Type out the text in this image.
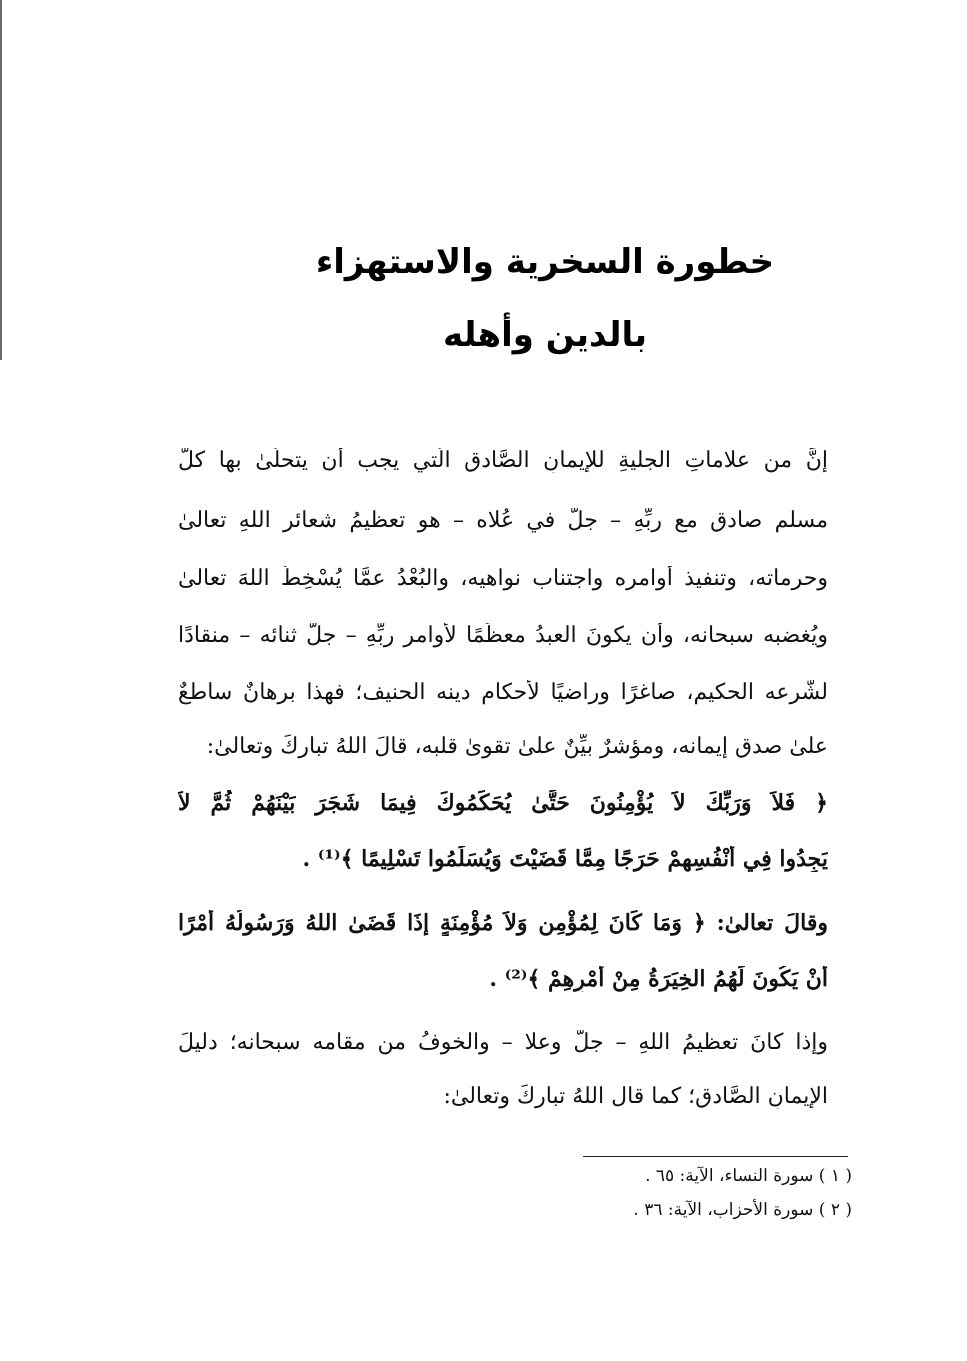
خطورة السخرية والاستهزاء
بالدين وأهله
إنَّ من علاماتِ الجليةِ للإيمانِ الصَّادقِ الَّتي يجب أن يتحلَّىٰ بها كلُّ
مسلمٍ صادقٍ مع ربِّهِ – جلَّ في عُلاه – هو تعظيمُ شعائرِ اللهِ تعالىٰ
وحرماته، وتنفيذ أوامره واجتناب نواهيه، والبُعْدُ عمَّا يُسْخِطُ اللهَ تعالىٰ
ويُغضبه سبحانه، وأن يكونَ العبدُ معظِّمًا لأوامر ربِّهِ – جلَّ ثنائه – منقادًا
لشَّرعه الحكيم، صاغرًا وراضيًا لأحكام دينه الحنيف؛ فهذا برهانٌ ساطعٌ
علىٰ صدقِ إيمانه، ومؤشرٌ بيِّنٌ علىٰ تقوىٰ قلبه، قالَ اللهُ تباركَ وتعالىٰ:
﴿ فَلاَ وَرَبِّكَ لاَ يُؤْمِنُونَ حَتَّىٰ يُحَكِّمُوكَ فِيمَا شَجَرَ بَيْنَهُمْ ثُمَّ لاَ
يَجِدُوا فِي أَنْفُسِهِمْ حَرَجًا مِمَّا قَضَيْتَ وَيُسَلِّمُوا تَسْلِيمًا ﴾⁽¹⁾ .
وقالَ تعالىٰ: ﴿ وَمَا كَانَ لِمُؤْمِنٍ وَلاَ مُؤْمِنَةٍ إِذَا قَضَىٰ اللهُ وَرَسُولُهُ أَمْرًا
أَنْ يَكُونَ لَهُمُ الخِيَرَةُ مِنْ أَمْرِهِمْ ﴾⁽²⁾ .
وإذا كانَ تعظيمُ اللهِ – جلَّ وعلا – والخوفُ من مقامه سبحانه؛ دليلَ
الإيمانِ الصَّادقِ؛ كما قال اللهُ تباركَ وتعالىٰ:
( ١ ) سورة النساء، الآية: ٦٥ .
( ٢ ) سورة الأحزاب، الآية: ٣٦ .
